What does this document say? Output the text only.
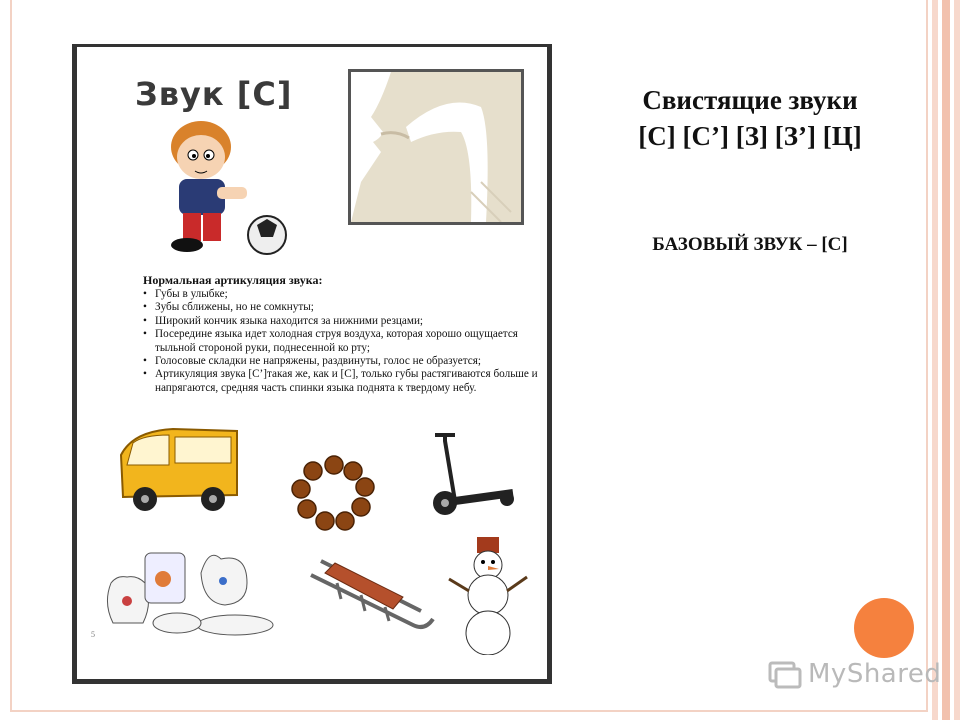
Звук [С]
Нормальная артикуляция звука:
• Губы в улыбке;
• Зубы сближены, но не сомкнуты;
• Широкий кончик языка находится за нижними резцами;
• Посередине языка идет холодная струя воздуха, которая хорошо ощущается тыльной стороной руки, поднесенной ко рту;
• Голосовые складки не напряжены, раздвинуты, голос не образуется;
• Артикуляция звука [С’]такая же, как и [С], только губы растягиваются больше и напрягаются, средняя часть спинки языка поднята к твердому небу.
5
Свистящие звуки
[С] [С’] [З] [З’] [Ц]
БАЗОВЫЙ ЗВУК – [С]
MyShared
